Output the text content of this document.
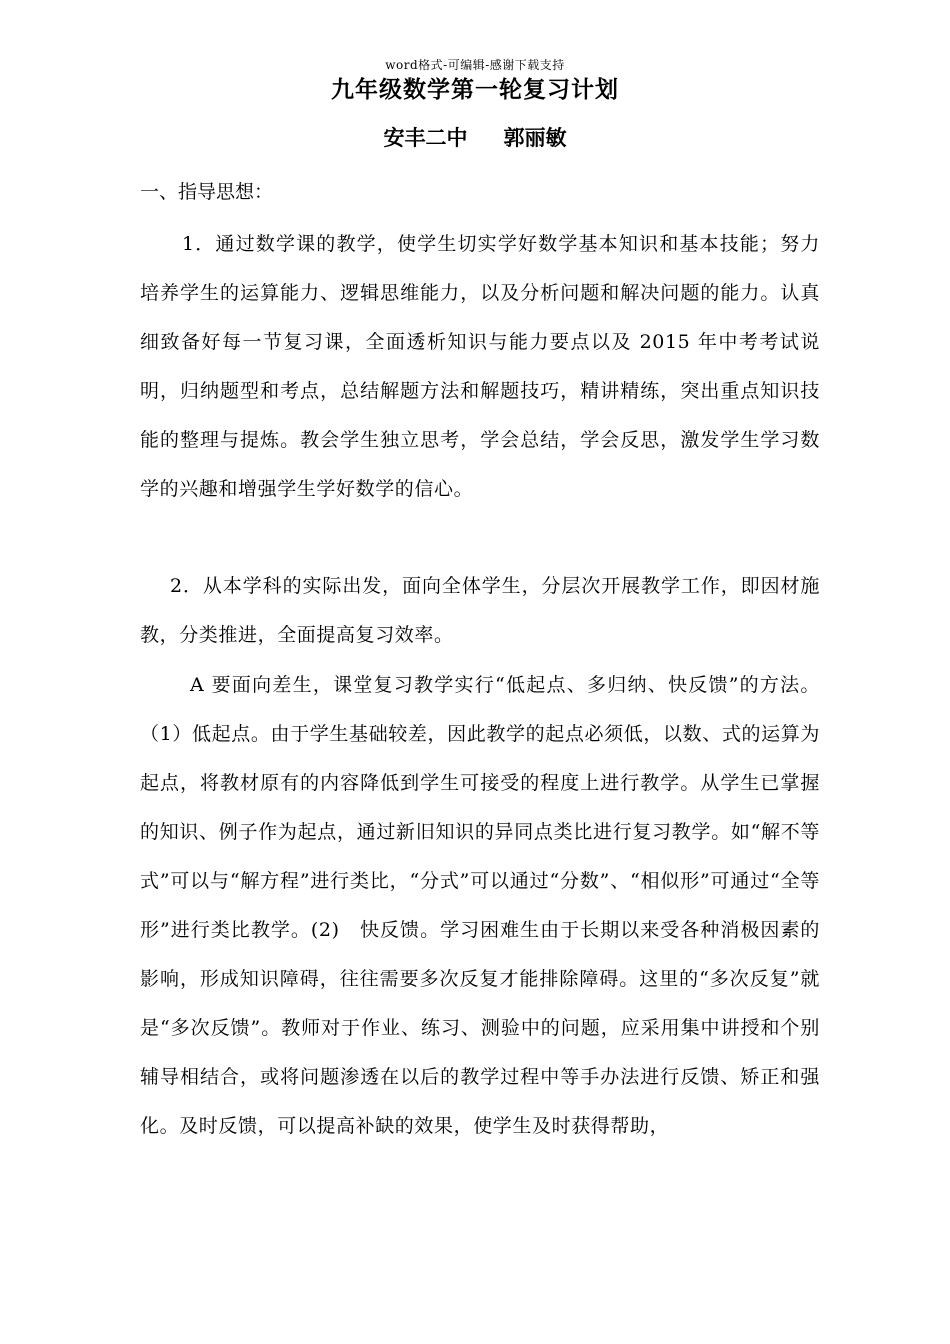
word格式-可编辑-感谢下载支持
九年级数学第一轮复习计划
安丰二中 郭丽敏
一、指导思想：

1．通过数学课的教学，使学生切实学好数学基本知识和基本技能；努力培养学生的运算能力、逻辑思维能力，以及分析问题和解决问题的能力。认真细致备好每一节复习课，全面透析知识与能力要点以及 2015 年中考考试说明，归纳题型和考点，总结解题方法和解题技巧，精讲精练，突出重点知识技能的整理与提炼。教会学生独立思考，学会总结，学会反思，激发学生学习数学的兴趣和增强学生学好数学的信心。

2．从本学科的实际出发，面向全体学生，分层次开展教学工作，即因材施教，分类推进，全面提高复习效率。

A 要面向差生，课堂复习教学实行“低起点、多归纳、快反馈”的方法。（1）低起点。由于学生基础较差，因此教学的起点必须低，以数、式的运算为起点，将教材原有的内容降低到学生可接受的程度上进行教学。从学生已掌握的知识、例子作为起点，通过新旧知识的异同点类比进行复习教学。如“解不等式”可以与“解方程”进行类比，“分式”可以通过“分数”、“相似形”可通过“全等形”进行类比教学。(2)　快反馈。学习困难生由于长期以来受各种消极因素的影响，形成知识障碍，往往需要多次反复才能排除障碍。这里的“多次反复”就是“多次反馈”。教师对于作业、练习、测验中的问题，应采用集中讲授和个别辅导相结合，或将问题渗透在以后的教学过程中等手办法进行反馈、矫正和强化。及时反馈，可以提高补缺的效果，使学生及时获得帮助，
